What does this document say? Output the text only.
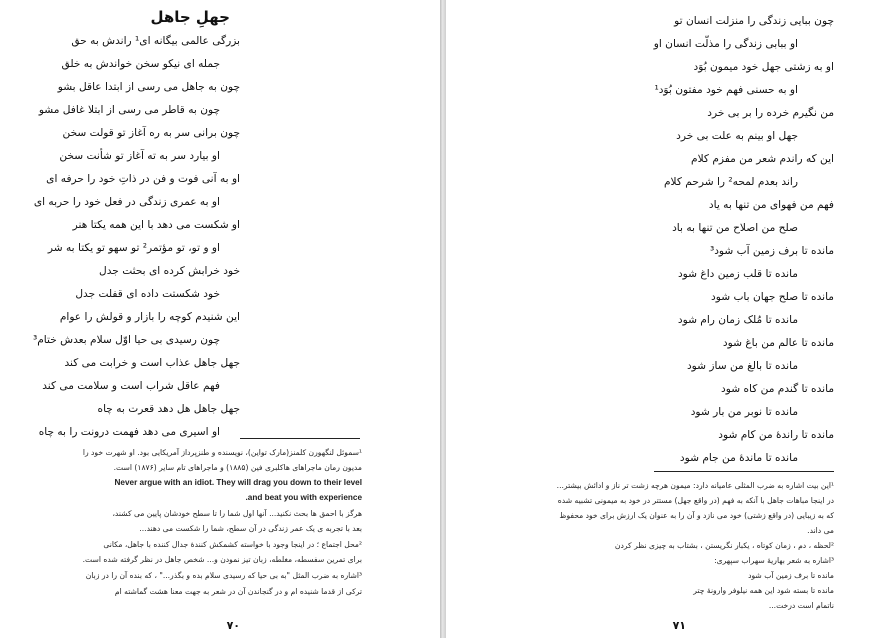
جهلِ جاهل
بزرگی عالمی بیگانه ای¹ راندش به حق
جمله ای نیکو سخن خواندش به خلق
چون به جاهل می رسی از ابتدا عاقل بشو
چون به قاطر می رسی از ابتلا غافل مشو
چون برانی سر به ره آغاز تو قولت سخن
او بیارد سر به ته آغاز تو شأنت سخن
او به آنی فوت و فن در ذاتِ خود را حرفه ای
او به عمری زندگی در فعل خود را حربه ای
او شکست می دهد با این همه یکتا هنر
او و تو، تو مؤتمر² تو سهو تو یکتا به شر
خود خرابش کرده ای بحثت جدل
خود شکستت داده ای قفلت جدل
این شنیدم کوچه را بازار و قولش را عوام
چون رسیدی بی حیا اوّل سلام بعدش ختام³
جهل جاهل عذاب است و خرابت می کند
فهم عاقل شراب است و سلامت می کند
جهل جاهل هل دهد قعرت به چاه
او اسیری می دهد فهمت درونت را به چاه
¹سموئل لنگهورن کلمنز(مارک تواین)، نویسنده و طنزپرداز آمریکایی بود. او شهرت خود را
مدیون رمان ماجراهای هاکلبری فین (۱۸۸۵) و ماجراهای تام سایر (۱۸۷۶) است.
Never argue with an idiot. They will drag you down to their level
.and beat you with experience
هرگز با احمق ها بحث نکنید... آنها اول شما را تا سطح خودشان پایین می کشند،
بعد با تجربه ی یک عمر زندگی در آن سطح، شما را شکست می دهند...
²محل اجتماع ؛ در اینجا وجود با خواسته کشمکش کنندهٔ جدال کننده با جاهل، مکانی
برای تمرین سفسطه، مغلطه، زبان تیز نمودن و... شخص جاهل در نظر گرفته شده است.
³اشاره به ضرب المثل "به بی حیا که رسیدی سلام بده و بگذر..." ، که بنده آن را در زبان
ترکی از قدما شنیده ام و در گنجاندن آن در شعر به جهت معنا هشت گماشته ام
۷۰
چون ببایی زندگی را منزلت انسان تو
او ببابی زندگی را مذلّت انسان او
او به زشتی جهل خود میمون بُوَد
او به حسنی فهم خود مفتون بُوَد¹
من نگیرم خرده را بر بی خرد
جهل او بینم به علت بی خرد
این که راندم شعر من مفزم کلام
راند بعدم لمحه² را شرحم کلام
فهم من فهوای من تنها به یاد
صلح من اصلاح من تنها به باد
مانده تا برف زمین آب شود³
مانده تا قلب زمین داغ شود
مانده تا صلح جهان باب شود
مانده تا مُلک زمان رام شود
مانده تا عالم من باغ شود
مانده تا بالغ من ساز شود
مانده تا گندم من کاه شود
مانده تا نوبر من بار شود
مانده تا راندهٔ من کام شود
مانده تا ماندهٔ من جام شود
¹این بیت اشاره به ضرب المثلی عامیانه دارد: میمون هرچه زشت تر ناز و ادائش بیشتر...
در اینجا مباهات جاهل با آنکه به فهم (در واقع جهل) مستتر در خود به میمونی تشبیه شده
که به زیبایی (در واقع زشتی) خود می نازد و آن را به عنوان یک ارزش برای خود محفوظ
می داند.
²لحظه ، دم ، زمان کوتاه ، یکبار نگریستن ، بشتاب به چیزی نظر کردن
³اشاره به شعر بهاریهٔ سهراب سپهری:
مانده تا برف زمین آب شود
مانده تا بسته شود این همه نیلوفر وارونهٔ چتر
ناتمام است درخت...
۷۱
